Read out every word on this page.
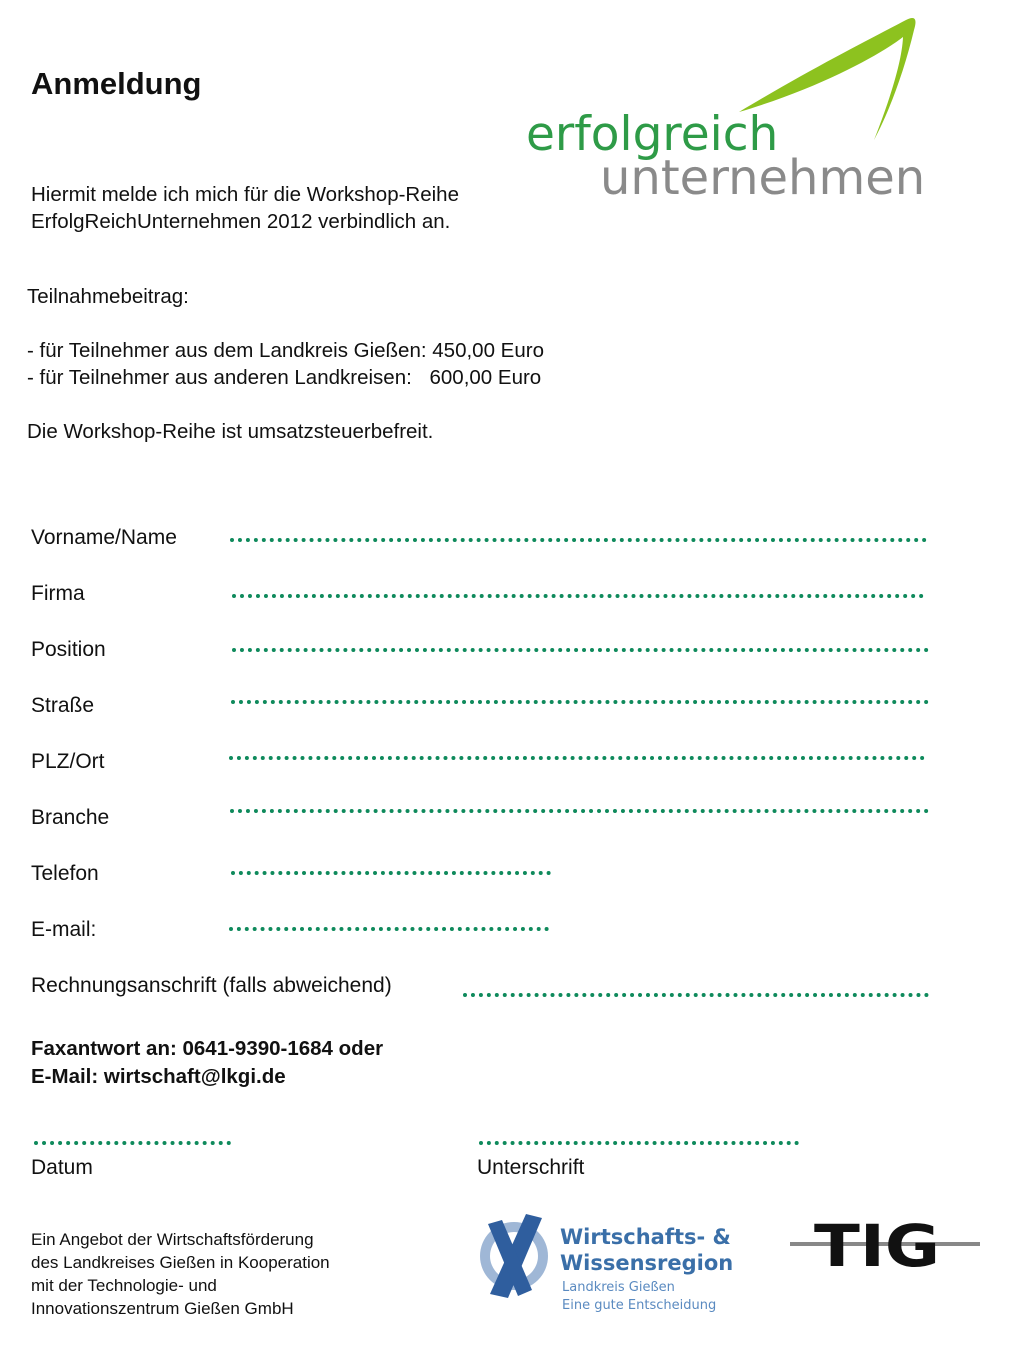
Anmeldung
Hiermit melde ich mich für die Workshop-Reihe
ErfolgReichUnternehmen 2012 verbindlich an.
erfolgreich
unternehmen
Teilnahmebeitrag:
- für Teilnehmer aus dem Landkreis Gießen: 450,00 Euro
- für Teilnehmer aus anderen Landkreisen: 600,00 Euro
Die Workshop-Reihe ist umsatzsteuerbefreit.
Vorname/Name
Firma
Position
Straße
PLZ/Ort
Branche
Telefon
E-mail:
Rechnungsanschrift (falls abweichend)
Faxantwort an: 0641-9390-1684 oder
E-Mail: wirtschaft@lkgi.de
Datum	Unterschrift
Ein Angebot der Wirtschaftsförderung
des Landkreises Gießen in Kooperation
mit der Technologie- und
Innovationszentrum Gießen GmbH
Wirtschafts- &
Wissensregion
Landkreis Gießen
Eine gute Entscheidung
TIG
